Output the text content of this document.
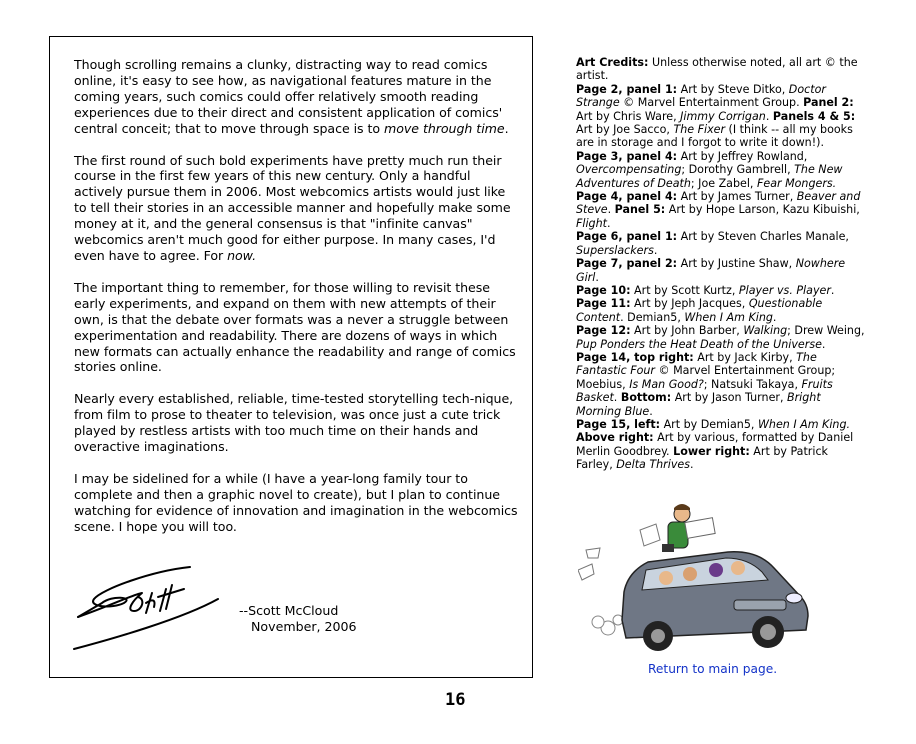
Though scrolling remains a clunky, distracting way to read comics online, it's easy to see how, as navigational features mature in the coming years, such comics could offer relatively smooth reading experiences due to their direct and consistent application of comics' central conceit; that to move through space is to move through time.

The first round of such bold experiments have pretty much run their course in the first few years of this new century. Only a handful actively pursue them in 2006. Most webcomics artists would just like to tell their stories in an accessible manner and hopefully make some money at it, and the general consensus is that "infinite canvas" webcomics aren't much good for either purpose. In many cases, I'd even have to agree. For now.

The important thing to remember, for those willing to revisit these early experiments, and expand on them with new attempts of their own, is that the debate over formats was a never a struggle between experimentation and readability. There are dozens of ways in which new formats can actually enhance the readability and range of comics stories online.

Nearly every established, reliable, time-tested storytelling tech-nique, from film to prose to theater to television, was once just a cute trick played by restless artists with too much time on their hands and overactive imaginations.

I may be sidelined for a while (I have a year-long family tour to complete and then a graphic novel to create), but I plan to continue watching for evidence of innovation and imagination in the webcomics scene. I hope you will too.

--Scott McCloud
November, 2006
16
Art Credits: Unless otherwise noted, all art © the artist.
Page 2, panel 1: Art by Steve Ditko, Doctor Strange © Marvel Entertainment Group. Panel 2: Art by Chris Ware, Jimmy Corrigan. Panels 4 & 5: Art by Joe Sacco, The Fixer (I think -- all my books are in storage and I forgot to write it down!).
Page 3, panel 4: Art by Jeffrey Rowland, Overcompensating; Dorothy Gambrell, The New Adventures of Death; Joe Zabel, Fear Mongers.
Page 4, panel 4: Art by James Turner, Beaver and Steve. Panel 5: Art by Hope Larson, Kazu Kibuishi, Flight.
Page 6, panel 1: Art by Steven Charles Manale, Superslackers.
Page 7, panel 2: Art by Justine Shaw, Nowhere Girl.
Page 10: Art by Scott Kurtz, Player vs. Player.
Page 11: Art by Jeph Jacques, Questionable Content. Demian5, When I Am King.
Page 12: Art by John Barber, Walking; Drew Weing, Pup Ponders the Heat Death of the Universe.
Page 14, top right: Art by Jack Kirby, The Fantastic Four © Marvel Entertainment Group; Moebius, Is Man Good?; Natsuki Takaya, Fruits Basket. Bottom: Art by Jason Turner, Bright Morning Blue.
Page 15, left: Art by Demian5, When I Am King.
Above right: Art by various, formatted by Daniel Merlin Goodbrey. Lower right: Art by Patrick Farley, Delta Thrives.
Return to main page.
